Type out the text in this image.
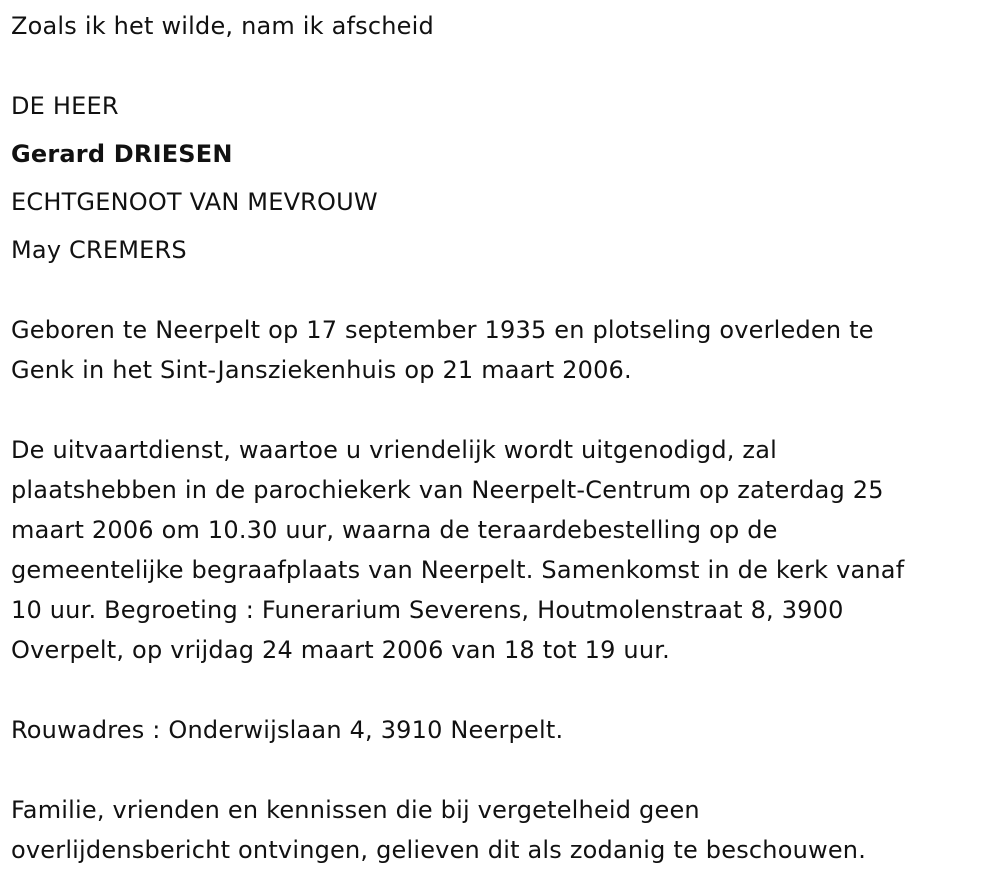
Zoals ik het wilde, nam ik afscheid
DE HEER
Gerard DRIESEN
ECHTGENOOT VAN MEVROUW
May CREMERS
Geboren te Neerpelt op 17 september 1935 en plotseling overleden te
Genk in het Sint-Jansziekenhuis op 21 maart 2006.
De uitvaartdienst, waartoe u vriendelijk wordt uitgenodigd, zal
plaatshebben in de parochiekerk van Neerpelt-Centrum op zaterdag 25
maart 2006 om 10.30 uur, waarna de teraardebestelling op de
gemeentelijke begraafplaats van Neerpelt. Samenkomst in de kerk vanaf
10 uur. Begroeting : Funerarium Severens, Houtmolenstraat 8, 3900
Overpelt, op vrijdag 24 maart 2006 van 18 tot 19 uur.
Rouwadres : Onderwijslaan 4, 3910 Neerpelt.
Familie, vrienden en kennissen die bij vergetelheid geen
overlijdensbericht ontvingen, gelieven dit als zodanig te beschouwen.
